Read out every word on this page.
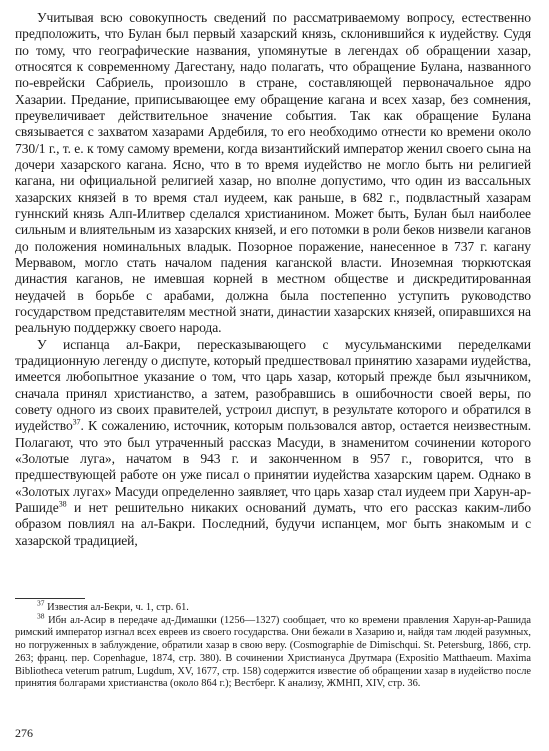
Учитывая всю совокупность сведений по рассматриваемому вопросу, естественно предположить, что Булан был первый хазарский князь, склонившийся к иудейству. Судя по тому, что географические названия, упомянутые в легендах об обращении хазар, относятся к современному Дагестану, надо полагать, что обращение Булана, названного по-еврейски Сабриель, произошло в стране, составляющей первоначальное ядро Хазарии. Предание, приписывающее ему обращение кагана и всех хазар, без сомнения, преувеличивает действительное значение события. Так как обращение Булана связывается с захватом хазарами Ардебиля, то его необходимо отнести ко времени около 730/1 г., т. е. к тому самому времени, когда византийский император женил своего сына на дочери хазарского кагана. Ясно, что в то время иудейство не могло быть ни религией кагана, ни официальной религией хазар, но вполне допустимо, что один из вассальных хазарских князей в то время стал иудеем, как раньше, в 682 г., подвластный хазарам гуннский князь Алп-Илитвер сделался христианином. Может быть, Булан был наиболее сильным и влиятельным из хазарских князей, и его потомки в роли беков низвели каганов до положения номинальных владык. Позорное поражение, нанесенное в 737 г. кагану Мервавом, могло стать началом падения каганской власти. Иноземная тюркютская династия каганов, не имевшая корней в местном обществе и дискредитированная неудачей в борьбе с арабами, должна была постепенно уступить руководство государством представителям местной знати, династии хазарских князей, опиравшихся на реальную поддержку своего народа.

У испанца ал-Бакри, пересказывающего с мусульманскими переделками традиционную легенду о диспуте, который предшествовал принятию хазарами иудейства, имеется любопытное указание о том, что царь хазар, который прежде был язычником, сначала принял христианство, а затем, разобравшись в ошибочности своей веры, по совету одного из своих правителей, устроил диспут, в результате которого и обратился в иудейство$^{37}$. К сожалению, источник, которым пользовался автор, остается неизвестным. Полагают, что это был утраченный рассказ Масуди, в знаменитом сочинении которого «Золотые луга», начатом в 943 г. и законченном в 957 г., говорится, что в предшествующей работе он уже писал о принятии иудейства хазарским царем. Однако в «Золотых лугах» Масуди определенно заявляет, что царь хазар стал иудеем при Харун-ар-Рашиде$^{38}$ и нет решительно никаких оснований думать, что его рассказ каким-либо образом повлиял на ал-Бакри. Последний, будучи испанцем, мог быть знакомым и с хазарской традицией,

$^{37}$ Известия ал-Бекри, ч. 1, стр. 61.

$^{38}$ Ибн ал-Асир в передаче ад-Димашки (1256—1327) сообщает, что ко времени правления Харун-ар-Рашида римский император изгнал всех евреев из своего государства. Они бежали в Хазарию и, найдя там людей разумных, но погруженных в заблуждение, обратили хазар в свою веру. (Cosmographie de Dimischqui. St. Petersburg, 1866, стр. 263; франц. пер. Copenhague, 1874, стр. 380). В сочинении Христиануса Друтмара (Expositio Matthaeum. Maxima Bibliotheca veterum patrum, Lugdum, XV, 1677, стр. 158) содержится известие об обращении хазар в иудейство после принятия болгарами христианства (около 864 г.); Вестберг. К анализу, ЖМНП, XIV, стр. 36.

276
